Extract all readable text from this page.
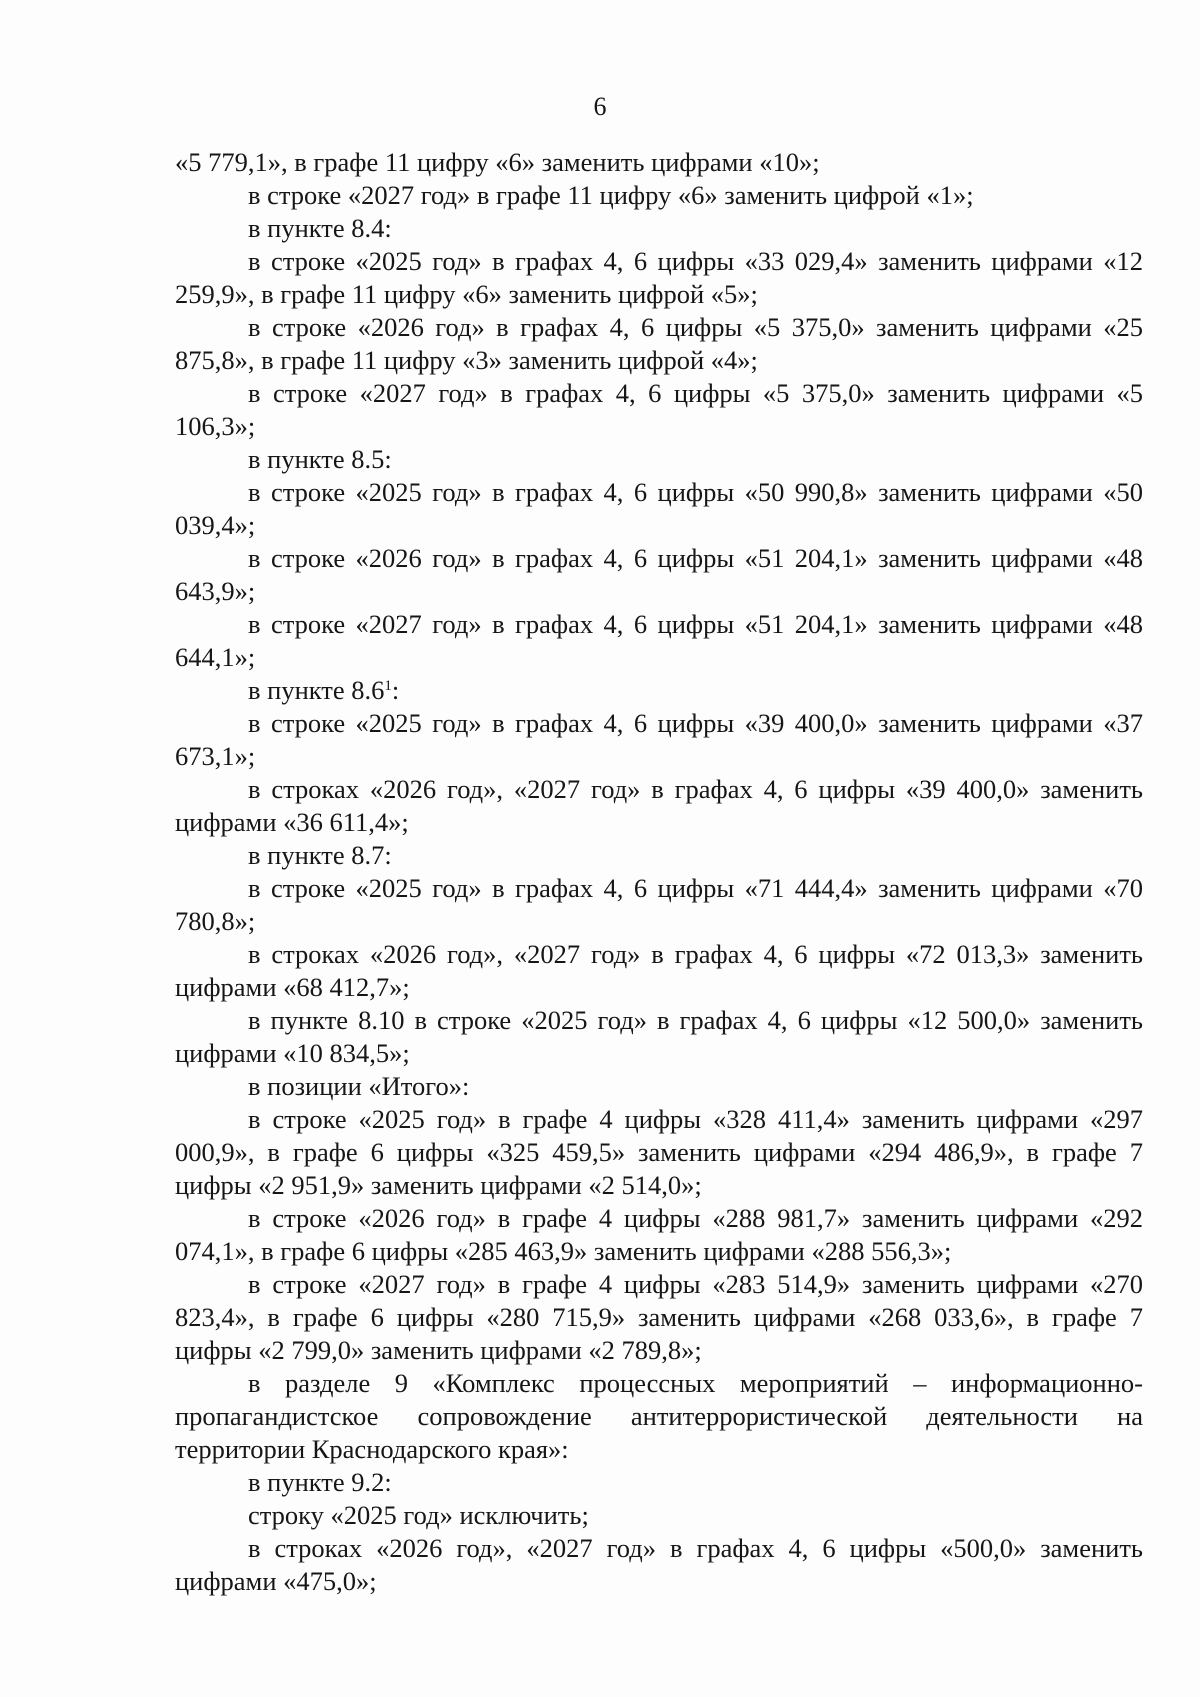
6

«5 779,1», в графе 11 цифру «6» заменить цифрами «10»;

в строке «2027 год» в графе 11 цифру «6» заменить цифрой «1»;

в пункте 8.4:

в строке «2025 год» в графах 4, 6 цифры «33 029,4» заменить цифрами «12 259,9», в графе 11 цифру «6» заменить цифрой «5»;

в строке «2026 год» в графах 4, 6 цифры «5 375,0» заменить цифрами «25 875,8», в графе 11 цифру «3» заменить цифрой «4»;

в строке «2027 год» в графах 4, 6 цифры «5 375,0» заменить цифрами «5 106,3»;

в пункте 8.5:

в строке «2025 год» в графах 4, 6 цифры «50 990,8» заменить цифрами «50 039,4»;

в строке «2026 год» в графах 4, 6 цифры «51 204,1» заменить цифрами «48 643,9»;

в строке «2027 год» в графах 4, 6 цифры «51 204,1» заменить цифрами «48 644,1»;

в пункте $8.6^1$:

в строке «2025 год» в графах 4, 6 цифры «39 400,0» заменить цифрами «37 673,1»;

в строках «2026 год», «2027 год» в графах 4, 6 цифры «39 400,0» заменить цифрами «36 611,4»;

в пункте 8.7:

в строке «2025 год» в графах 4, 6 цифры «71 444,4» заменить цифрами «70 780,8»;

в строках «2026 год», «2027 год» в графах 4, 6 цифры «72 013,3» заменить цифрами «68 412,7»;

в пункте 8.10 в строке «2025 год» в графах 4, 6 цифры «12 500,0» заменить цифрами «10 834,5»;

в позиции «Итого»:

в строке «2025 год» в графе 4 цифры «328 411,4» заменить цифрами «297 000,9», в графе 6 цифры «325 459,5» заменить цифрами «294 486,9», в графе 7 цифры «2 951,9» заменить цифрами «2 514,0»;

в строке «2026 год» в графе 4 цифры «288 981,7» заменить цифрами «292 074,1», в графе 6 цифры «285 463,9» заменить цифрами «288 556,3»;

в строке «2027 год» в графе 4 цифры «283 514,9» заменить цифрами «270 823,4», в графе 6 цифры «280 715,9» заменить цифрами «268 033,6», в графе 7 цифры «2 799,0» заменить цифрами «2 789,8»;

в разделе 9 «Комплекс процессных мероприятий – информационно-пропагандистское сопровождение антитеррористической деятельности на территории Краснодарского края»:

в пункте 9.2:

строку «2025 год» исключить;

в строках «2026 год», «2027 год» в графах 4, 6 цифры «500,0» заменить цифрами «475,0»;
